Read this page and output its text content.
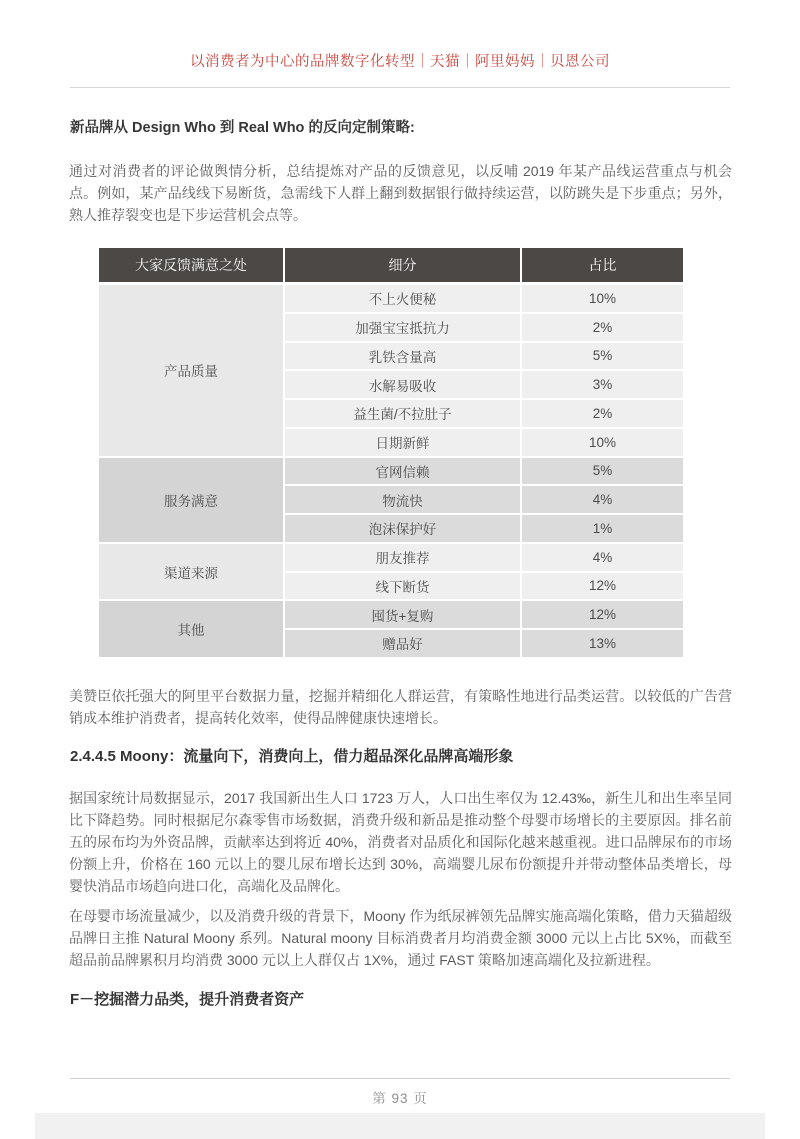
以消费者为中心的品牌数字化转型｜天猫｜阿里妈妈｜贝恩公司
新品牌从 Design Who 到 Real Who 的反向定制策略:
通过对消费者的评论做舆情分析，总结提炼对产品的反馈意见，以反哺 2019 年某产品线运营重点与机会点。例如，某产品线线下易断货，急需线下人群上翻到数据银行做持续运营，以防跳失是下步重点；另外，熟人推荐裂变也是下步运营机会点等。
大家反馈满意之处	细分	占比
产品质量	不上火便秘	10%
	加强宝宝抵抗力	2%
	乳铁含量高	5%
	水解易吸收	3%
	益生菌/不拉肚子	2%
	日期新鲜	10%
服务满意	官网信赖	5%
	物流快	4%
	泡沫保护好	1%
渠道来源	朋友推荐	4%
	线下断货	12%
其他	囤货+复购	12%
	赠品好	13%
美赞臣依托强大的阿里平台数据力量，挖掘并精细化人群运营，有策略性地进行品类运营。以较低的广告营销成本维护消费者，提高转化效率，使得品牌健康快速增长。
2.4.4.5 Moony：流量向下，消费向上，借力超品深化品牌高端形象
据国家统计局数据显示，2017 我国新出生人口 1723 万人，人口出生率仅为 12.43‰，新生儿和出生率呈同比下降趋势。同时根据尼尔森零售市场数据，消费升级和新品是推动整个母婴市场增长的主要原因。排名前五的尿布均为外资品牌，贡献率达到将近 40%，消费者对品质化和国际化越来越重视。进口品牌尿布的市场份额上升，价格在 160 元以上的婴儿尿布增长达到 30%，高端婴儿尿布份额提升并带动整体品类增长，母婴快消品市场趋向进口化，高端化及品牌化。
在母婴市场流量减少，以及消费升级的背景下，Moony 作为纸尿裤领先品牌实施高端化策略，借力天猫超级品牌日主推 Natural Moony 系列。Natural moony 目标消费者月均消费金额 3000 元以上占比 5X%，而截至超品前品牌累积月均消费 3000 元以上人群仅占 1X%，通过 FAST 策略加速高端化及拉新进程。
F－挖掘潜力品类，提升消费者资产
第 93 页
